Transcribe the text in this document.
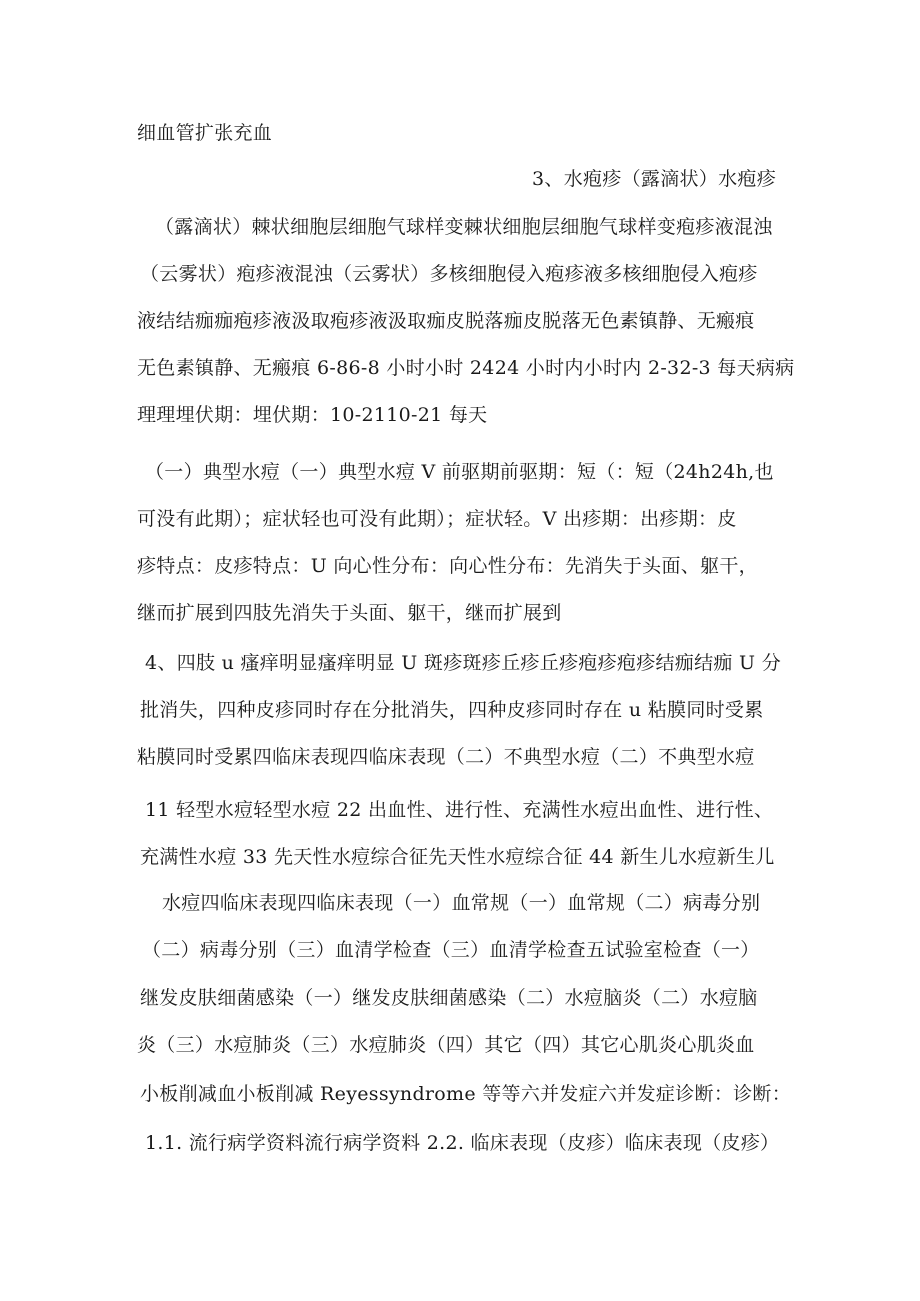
细血管扩张充血
3、水疱疹（露滴状）水疱疹
（露滴状）棘状细胞层细胞气球样变棘状细胞层细胞气球样变疱疹液混浊
（云雾状）疱疹液混浊（云雾状）多核细胞侵入疱疹液多核细胞侵入疱疹
液结结痂痂疱疹液汲取疱疹液汲取痂皮脱落痂皮脱落无色素镇静、无瘢痕
无色素镇静、无瘢痕 6-86-8 小时小时 2424 小时内小时内 2-32-3 每天病病
理理埋伏期：埋伏期：10-2110-21 每天
（一）典型水痘（一）典型水痘 V 前驱期前驱期：短（：短（24h24h,也
可没有此期）；症状轻也可没有此期）；症状轻。V 出疹期：出疹期：皮
疹特点：皮疹特点：U 向心性分布：向心性分布：先消失于头面、躯干，
继而扩展到四肢先消失于头面、躯干，继而扩展到
4、四肢 u 瘙痒明显瘙痒明显 U 斑疹斑疹丘疹丘疹疱疹疱疹结痂结痂 U 分
批消失，四种皮疹同时存在分批消失，四种皮疹同时存在 u 粘膜同时受累
粘膜同时受累四临床表现四临床表现（二）不典型水痘（二）不典型水痘
11 轻型水痘轻型水痘 22 出血性、进行性、充满性水痘出血性、进行性、
充满性水痘 33 先天性水痘综合征先天性水痘综合征 44 新生儿水痘新生儿
水痘四临床表现四临床表现（一）血常规（一）血常规（二）病毒分别
（二）病毒分别（三）血清学检查（三）血清学检查五试验室检查（一）
继发皮肤细菌感染（一）继发皮肤细菌感染（二）水痘脑炎（二）水痘脑
炎（三）水痘肺炎（三）水痘肺炎（四）其它（四）其它心肌炎心肌炎血
小板削减血小板削减 Reyessyndrome 等等六并发症六并发症诊断：诊断：
1.1. 流行病学资料流行病学资料 2.2. 临床表现（皮疹）临床表现（皮疹）
